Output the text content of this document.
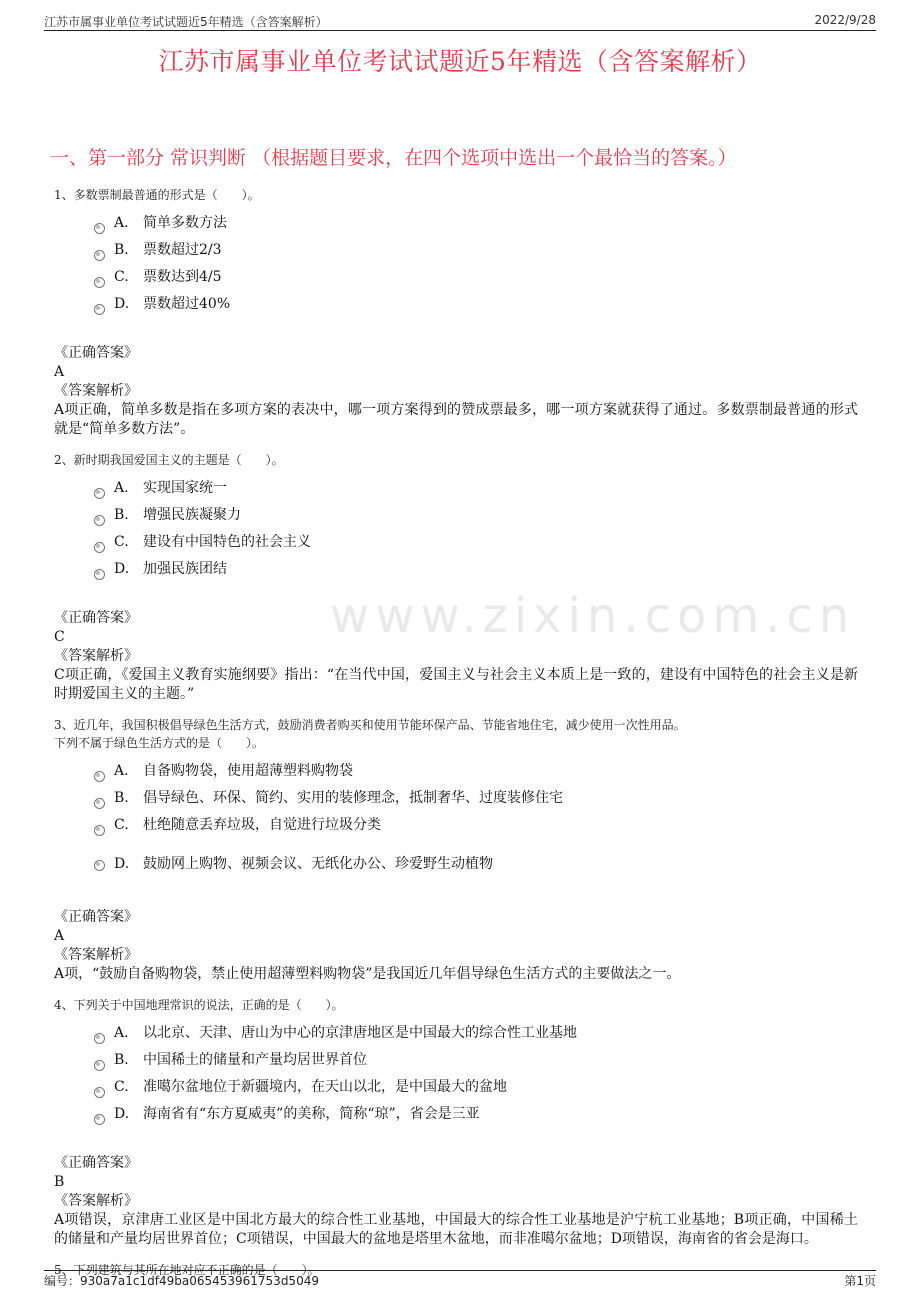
江苏市属事业单位考试试题近5年精选（含答案解析）	2022/9/28
江苏市属事业单位考试试题近5年精选（含答案解析）
一、第一部分 常识判断 （根据题目要求，在四个选项中选出一个最恰当的答案。）
www.zixin.com.cn
1、多数票制最普通的形式是（　　）。
A. 简单多数方法
B. 票数超过2/3
C. 票数达到4/5
D. 票数超过40%
《正确答案》
A
《答案解析》
A项正确，简单多数是指在多项方案的表决中，哪一项方案得到的赞成票最多，哪一项方案就获得了通过。多数票制最普通的形式就是“简单多数方法”。
2、新时期我国爱国主义的主题是（　　）。
A. 实现国家统一
B. 增强民族凝聚力
C. 建设有中国特色的社会主义
D. 加强民族团结
《正确答案》
C
《答案解析》
C项正确，《爱国主义教育实施纲要》指出：“在当代中国，爱国主义与社会主义本质上是一致的，建设有中国特色的社会主义是新时期爱国主义的主题。”
3、近几年，我国积极倡导绿色生活方式，鼓励消费者购买和使用节能环保产品、节能省地住宅，减少使用一次性用品。
下列不属于绿色生活方式的是（　　）。
A. 自备购物袋，使用超薄塑料购物袋
B. 倡导绿色、环保、简约、实用的装修理念，抵制奢华、过度装修住宅
C. 杜绝随意丢弃垃圾，自觉进行垃圾分类
D. 鼓励网上购物、视频会议、无纸化办公、珍爱野生动植物
《正确答案》
A
《答案解析》
A项，“鼓励自备购物袋，禁止使用超薄塑料购物袋”是我国近几年倡导绿色生活方式的主要做法之一。
4、下列关于中国地理常识的说法，正确的是（　　）。
A. 以北京、天津、唐山为中心的京津唐地区是中国最大的综合性工业基地
B. 中国稀土的储量和产量均居世界首位
C. 准噶尔盆地位于新疆境内，在天山以北，是中国最大的盆地
D. 海南省有“东方夏威夷”的美称，简称“琼”，省会是三亚
《正确答案》
B
《答案解析》
A项错误，京津唐工业区是中国北方最大的综合性工业基地，中国最大的综合性工业基地是沪宁杭工业基地；B项正确，中国稀土的储量和产量均居世界首位；C项错误，中国最大的盆地是塔里木盆地，而非准噶尔盆地；D项错误，海南省的省会是海口。
5、下列建筑与其所在地对应不正确的是（　　）。
编号：930a7a1c1df49ba065453961753d5049	第1页
